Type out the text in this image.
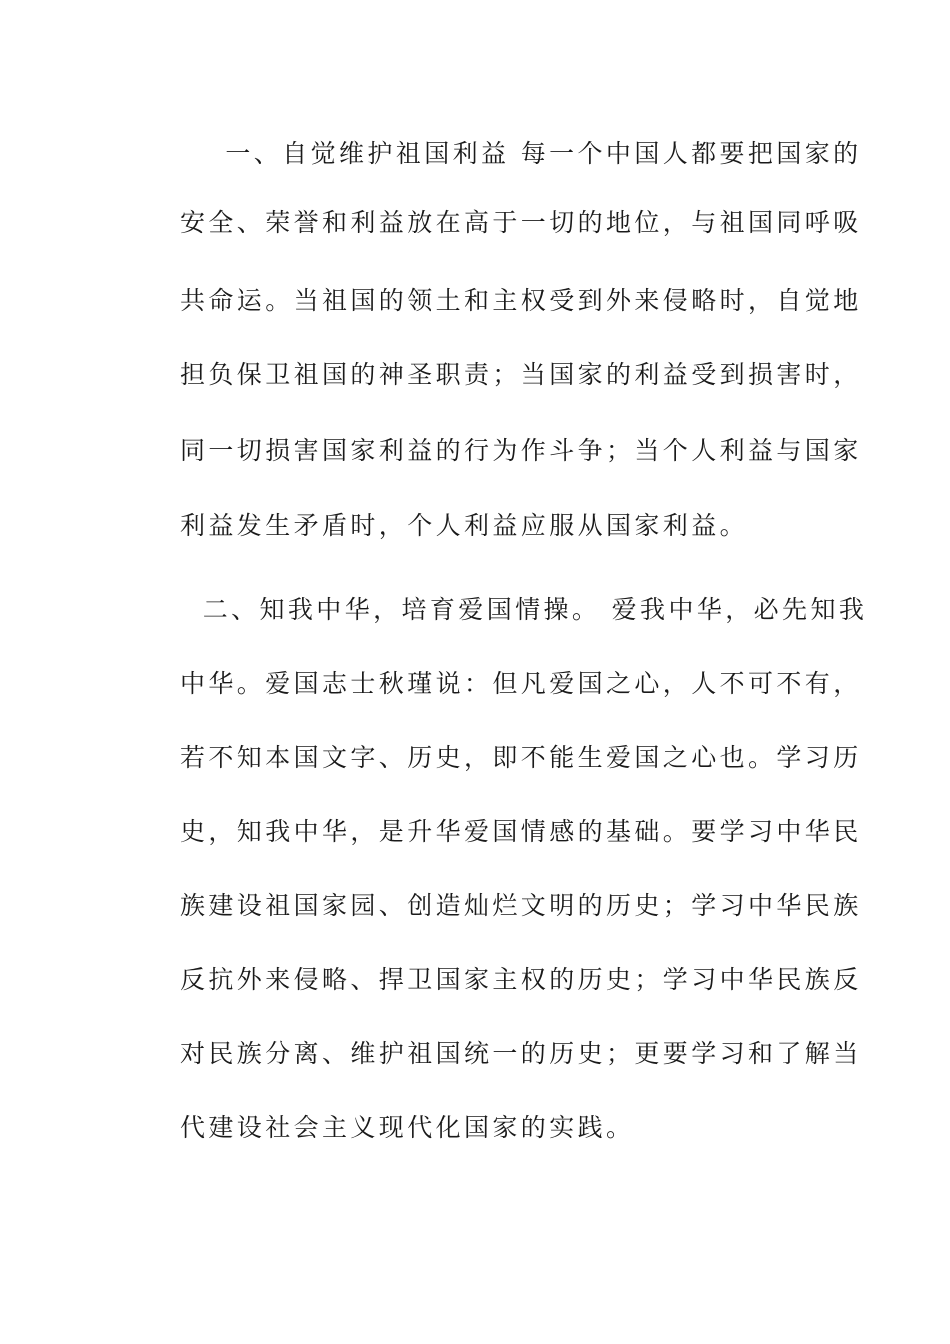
一、自觉维护祖国利益 每一个中国人都要把国家的
安全、荣誉和利益放在高于一切的地位，与祖国同呼吸
共命运。当祖国的领土和主权受到外来侵略时，自觉地
担负保卫祖国的神圣职责；当国家的利益受到损害时，
同一切损害国家利益的行为作斗争；当个人利益与国家
利益发生矛盾时，个人利益应服从国家利益。
二、知我中华，培育爱国情操。 爱我中华，必先知我
中华。爱国志士秋瑾说：但凡爱国之心，人不可不有，
若不知本国文字、历史，即不能生爱国之心也。学习历
史，知我中华，是升华爱国情感的基础。要学习中华民
族建设祖国家园、创造灿烂文明的历史；学习中华民族
反抗外来侵略、捍卫国家主权的历史；学习中华民族反
对民族分离、维护祖国统一的历史；更要学习和了解当
代建设社会主义现代化国家的实践。
